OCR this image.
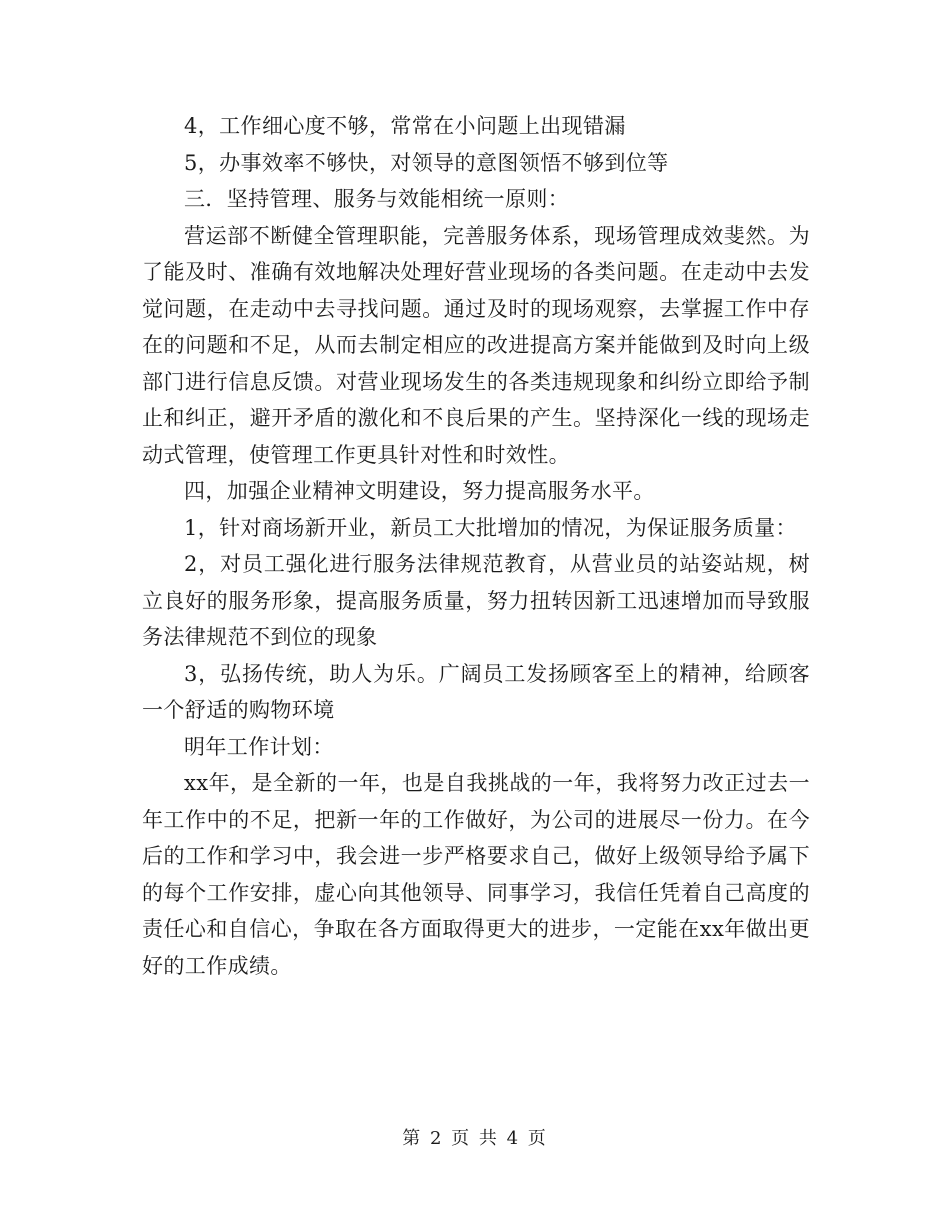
4，工作细心度不够，常常在小问题上出现错漏

5，办事效率不够快，对领导的意图领悟不够到位等

三．坚持管理、服务与效能相统一原则：

营运部不断健全管理职能，完善服务体系，现场管理成效斐然。为了能及时、准确有效地解决处理好营业现场的各类问题。在走动中去发觉问题，在走动中去寻找问题。通过及时的现场观察，去掌握工作中存在的问题和不足，从而去制定相应的改进提高方案并能做到及时向上级部门进行信息反馈。对营业现场发生的各类违规现象和纠纷立即给予制止和纠正，避开矛盾的激化和不良后果的产生。坚持深化一线的现场走动式管理，使管理工作更具针对性和时效性。

四，加强企业精神文明建设，努力提高服务水平。

1，针对商场新开业，新员工大批增加的情况，为保证服务质量：

2，对员工强化进行服务法律规范教育，从营业员的站姿站规，树立良好的服务形象，提高服务质量，努力扭转因新工迅速增加而导致服务法律规范不到位的现象

3，弘扬传统，助人为乐。广阔员工发扬顾客至上的精神，给顾客一个舒适的购物环境

明年工作计划：

xx年，是全新的一年，也是自我挑战的一年，我将努力改正过去一年工作中的不足，把新一年的工作做好，为公司的进展尽一份力。在今后的工作和学习中，我会进一步严格要求自己，做好上级领导给予属下的每个工作安排，虚心向其他领导、同事学习，我信任凭着自己高度的责任心和自信心，争取在各方面取得更大的进步，一定能在xx年做出更好的工作成绩。

第 2 页 共 4 页
